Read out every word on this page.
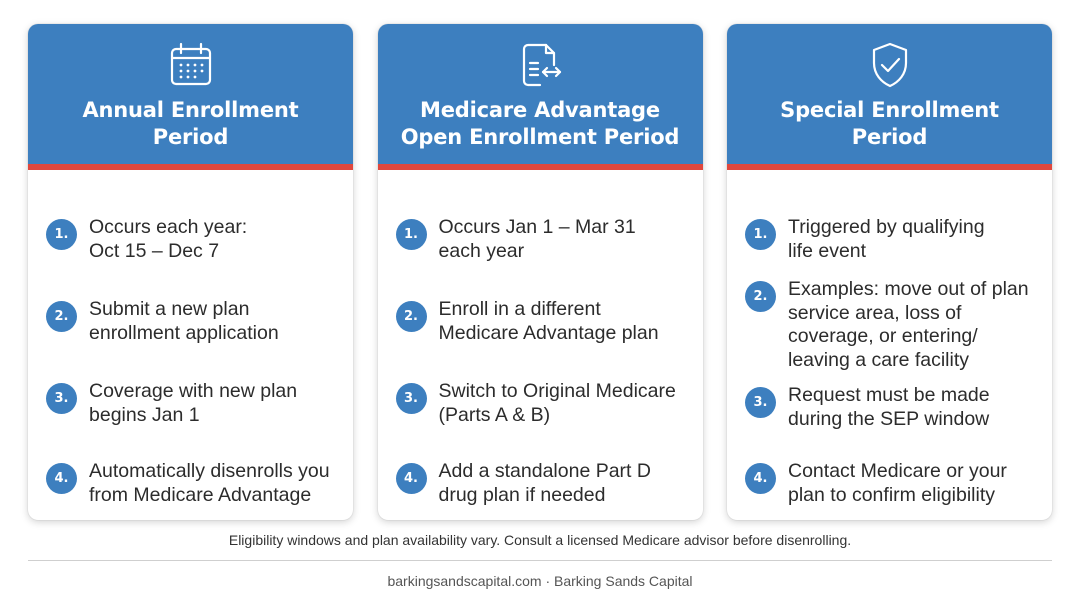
Annual Enrollment
Period
1.	Occurs each year:
Oct 15 – Dec 7
2.	Submit a new plan
enrollment application
3.	Coverage with new plan
begins Jan 1
4.	Automatically disenrolls you
from Medicare Advantage
Medicare Advantage
Open Enrollment Period
1.	Occurs Jan 1 – Mar 31
each year
2.	Enroll in a different
Medicare Advantage plan
3.	Switch to Original Medicare
(Parts A & B)
4.	Add a standalone Part D
drug plan if needed
Special Enrollment
Period
1.	Triggered by qualifying
life event
2.	Examples: move out of plan
service area, loss of
coverage, or entering/
leaving a care facility
3.	Request must be made
during the SEP window
4.	Contact Medicare or your
plan to confirm eligibility
Eligibility windows and plan availability vary. Consult a licensed Medicare advisor before disenrolling.
barkingsandscapital.com · Barking Sands Capital
